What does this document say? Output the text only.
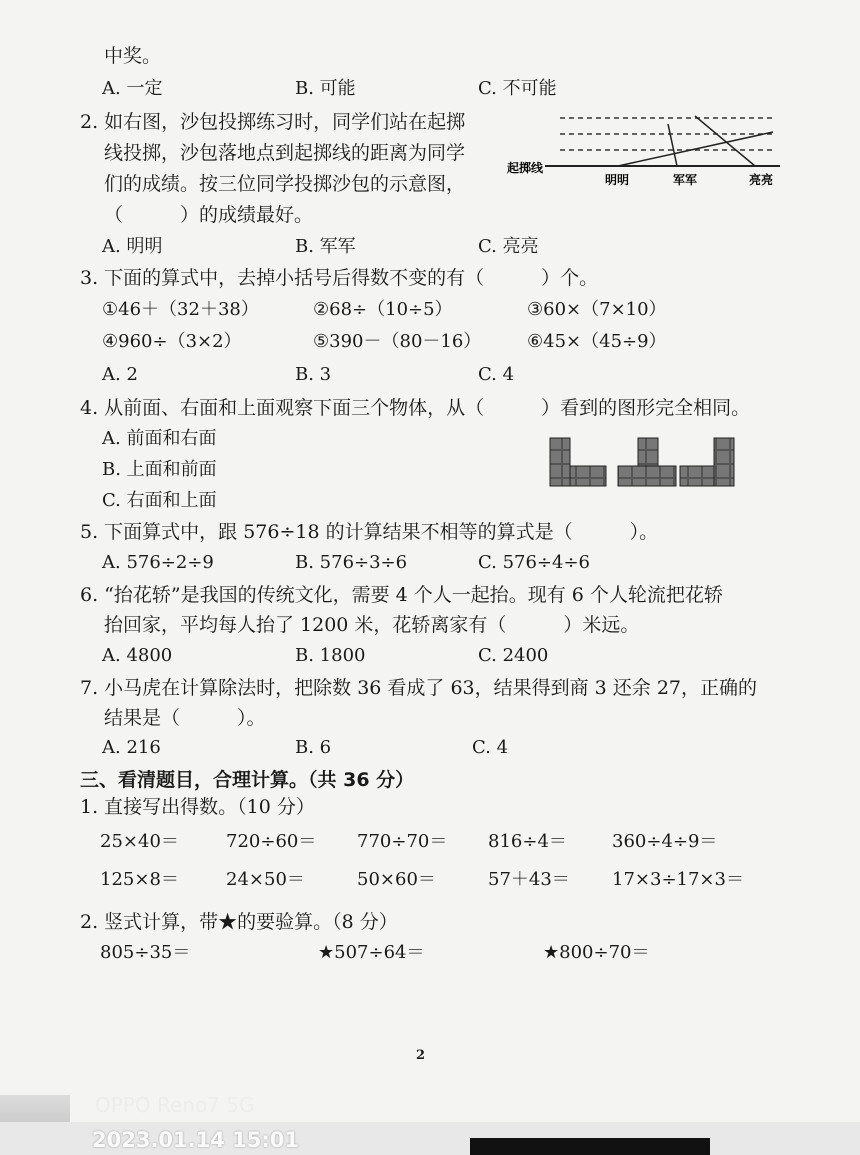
中奖。
A. 一定	B. 可能	C. 不可能
2. 如右图，沙包投掷练习时，同学们站在起掷
线投掷，沙包落地点到起掷线的距离为同学
们的成绩。按三位同学投掷沙包的示意图，
（　　　）的成绩最好。
起掷线
明明	军军	亮亮
A. 明明	B. 军军	C. 亮亮
3. 下面的算式中，去掉小括号后得数不变的有（　　　）个。
①46＋（32＋38）	②68÷（10÷5）	③60×（7×10）
④960÷（3×2）	⑤390－（80－16）	⑥45×（45÷9）
A. 2	B. 3	C. 4
4. 从前面、右面和上面观察下面三个物体，从（　　　）看到的图形完全相同。
A. 前面和右面
B. 上面和前面
C. 右面和上面
5. 下面算式中，跟 576÷18 的计算结果不相等的算式是（　　　）。
A. 576÷2÷9	B. 576÷3÷6	C. 576÷4÷6
6. “抬花轿”是我国的传统文化，需要 4 个人一起抬。现有 6 个人轮流把花轿
抬回家，平均每人抬了 1200 米，花轿离家有（　　　）米远。
A. 4800	B. 1800	C. 2400
7. 小马虎在计算除法时，把除数 36 看成了 63，结果得到商 3 还余 27，正确的
结果是（　　　）。
A. 216	B. 6	C. 4
三、看清题目，合理计算。（共 36 分）
1. 直接写出得数。（10 分）
25×40＝	720÷60＝ 770÷70＝ 816÷4＝	360÷4÷9＝
125×8＝	24×50＝	50×60＝	57＋43＝ 17×3÷17×3＝
2. 竖式计算，带★的要验算。（8 分）
805÷35＝	★507÷64＝	★800÷70＝
2
OPPO Reno7 5G
2023.01.14 15:01
